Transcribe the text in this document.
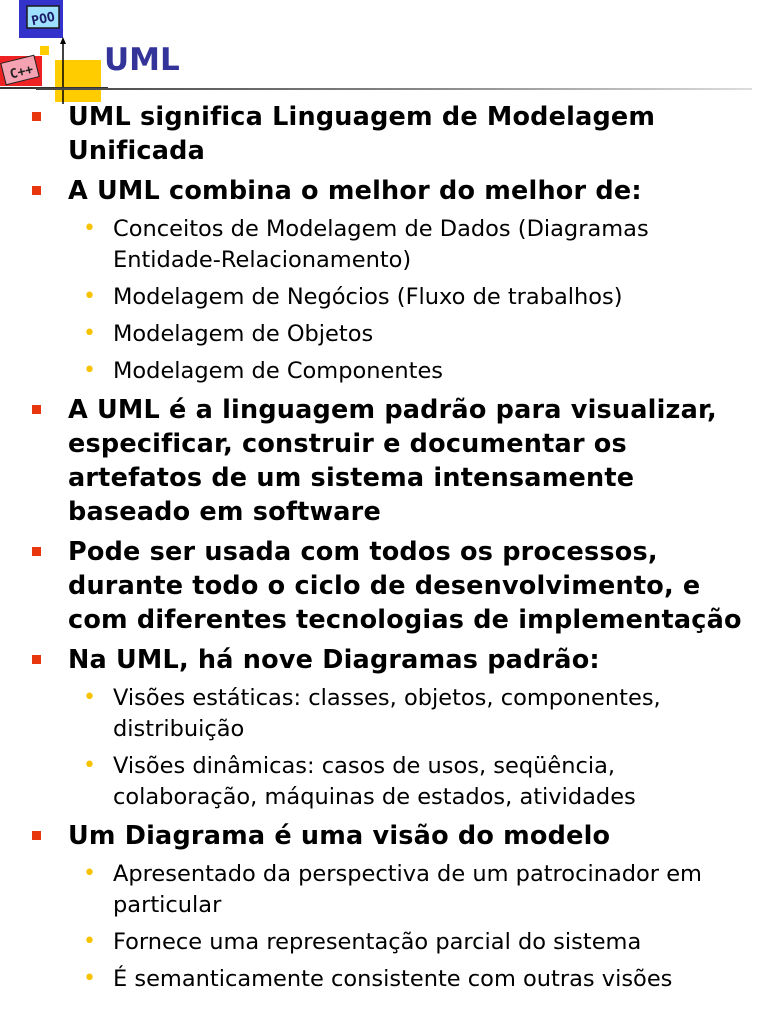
POO
C++ UML

UML significa Linguagem de Modelagem Unificada

A UML combina o melhor do melhor de:

• Conceitos de Modelagem de Dados (Diagramas Entidade-Relacionamento)

• Modelagem de Negócios (Fluxo de trabalhos)

• Modelagem de Objetos

• Modelagem de Componentes

A UML é a linguagem padrão para visualizar, especificar, construir e documentar os artefatos de um sistema intensamente baseado em software

Pode ser usada com todos os processos, durante todo o ciclo de desenvolvimento, e com diferentes tecnologias de implementação

Na UML, há nove Diagramas padrão:

• Visões estáticas: classes, objetos, componentes, distribuição

• Visões dinâmicas: casos de usos, seqüência, colaboração, máquinas de estados, atividades

Um Diagrama é uma visão do modelo

• Apresentado da perspectiva de um patrocinador em particular

• Fornece uma representação parcial do sistema

• É semanticamente consistente com outras visões
